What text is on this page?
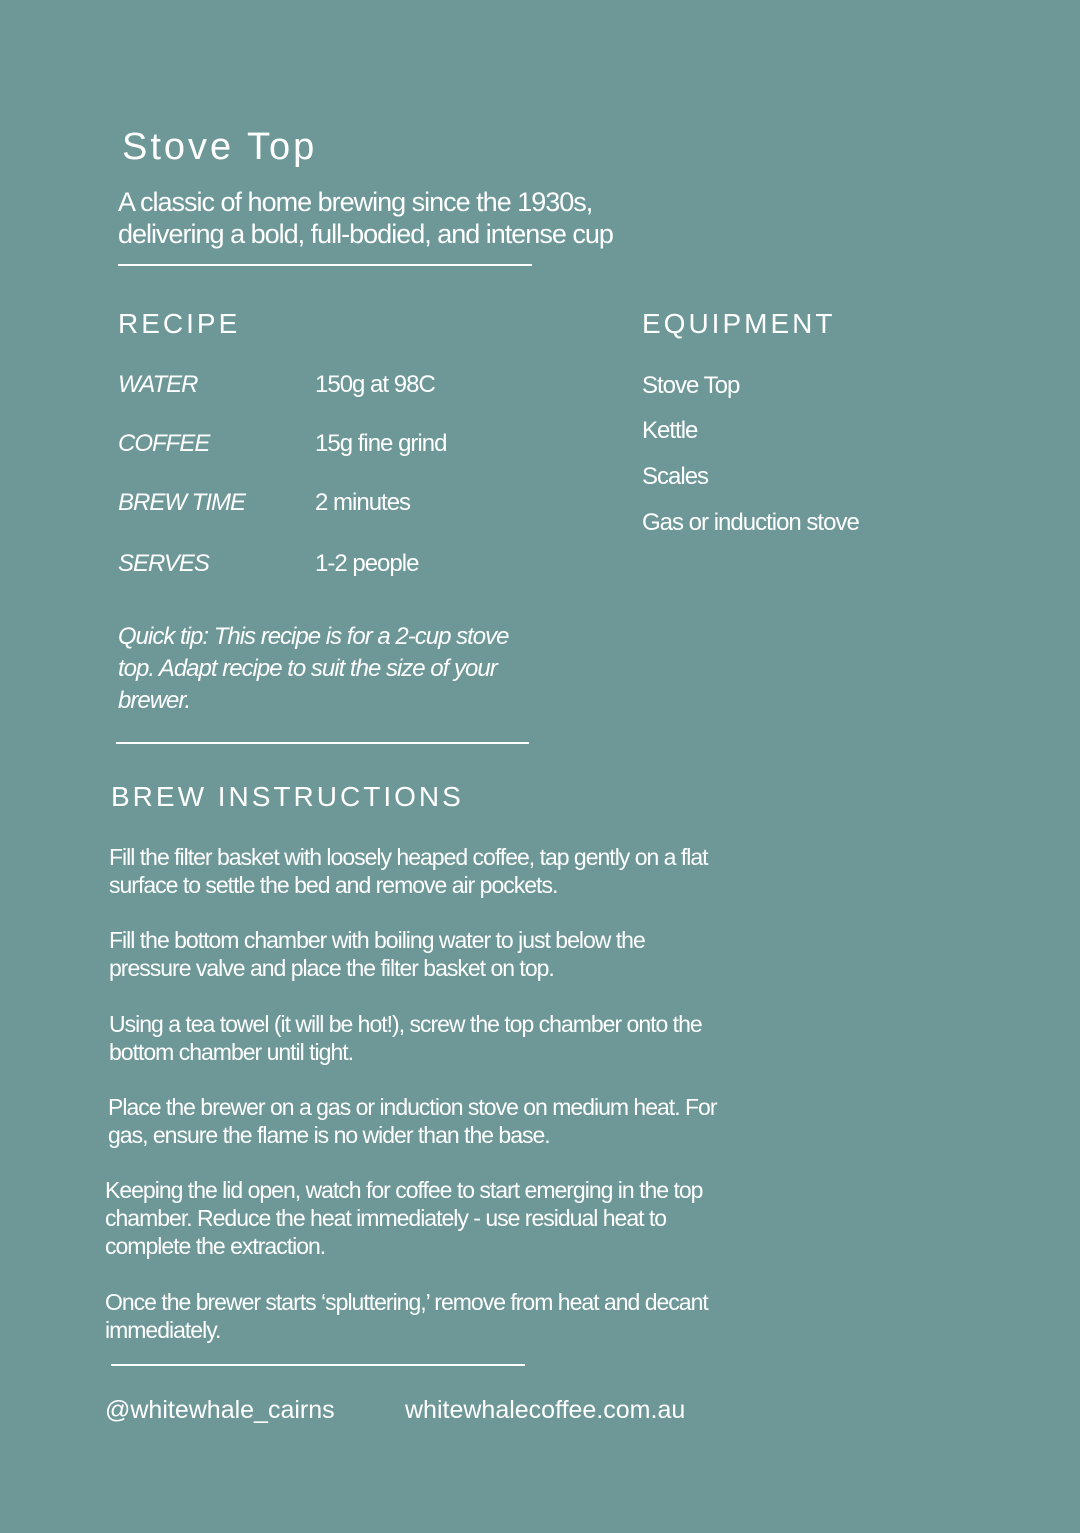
Stove Top
A classic of home brewing since the 1930s, delivering a bold, full-bodied, and intense cup
RECIPE
WATER	150g at 98C
COFFEE	15g fine grind
BREW TIME	2 minutes
SERVES	1-2 people
Quick tip: This recipe is for a 2-cup stove top. Adapt recipe to suit the size of your brewer.
EQUIPMENT
Stove Top
Kettle
Scales
Gas or induction stove
BREW INSTRUCTIONS
Fill the filter basket with loosely heaped coffee, tap gently on a flat surface to settle the bed and remove air pockets.
Fill the bottom chamber with boiling water to just below the pressure valve and place the filter basket on top.
Using a tea towel (it will be hot!), screw the top chamber onto the bottom chamber until tight.
Place the brewer on a gas or induction stove on medium heat. For gas, ensure the flame is no wider than the base.
Keeping the lid open, watch for coffee to start emerging in the top chamber. Reduce the heat immediately - use residual heat to complete the extraction.
Once the brewer starts ‘spluttering,’ remove from heat and decant immediately.
@whitewhale_cairns	whitewhalecoffee.com.au
